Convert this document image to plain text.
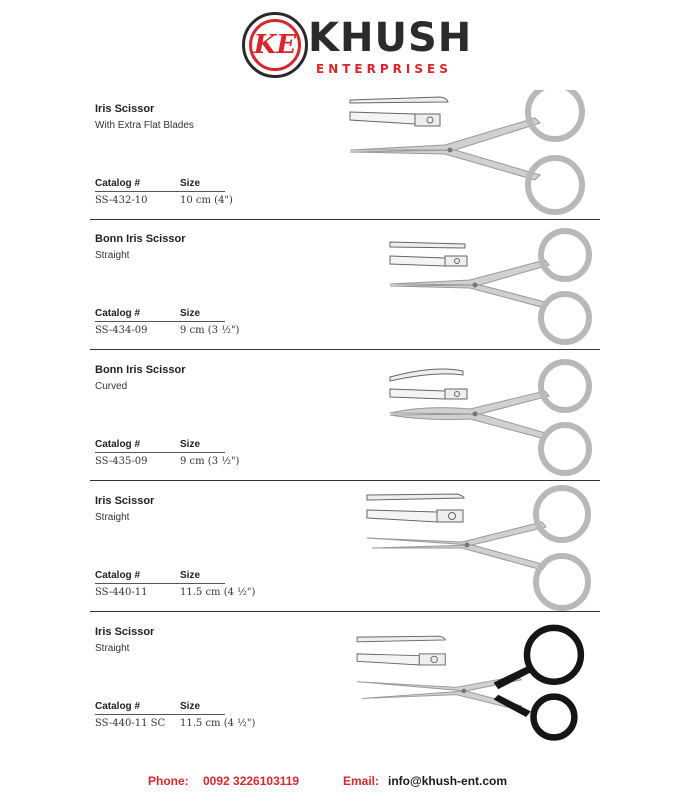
KE KHUSH
ENTERPRISES
Iris Scissor
With Extra Flat Blades
Catalog #	Size
SS-432-10	10 cm (4")
Bonn Iris Scissor
Straight
Catalog #	Size
SS-434-09	9 cm (3 ½")
Bonn Iris Scissor
Curved
Catalog #	Size
SS-435-09	9 cm (3 ½")
Iris Scissor
Straight
Catalog #	Size
SS-440-11	11.5 cm (4 ½")
Iris Scissor
Straight
Catalog #	Size
SS-440-11 SC 11.5 cm (4 ½")
Phone: 0092 3226103119	Email: info@khush-ent.com
